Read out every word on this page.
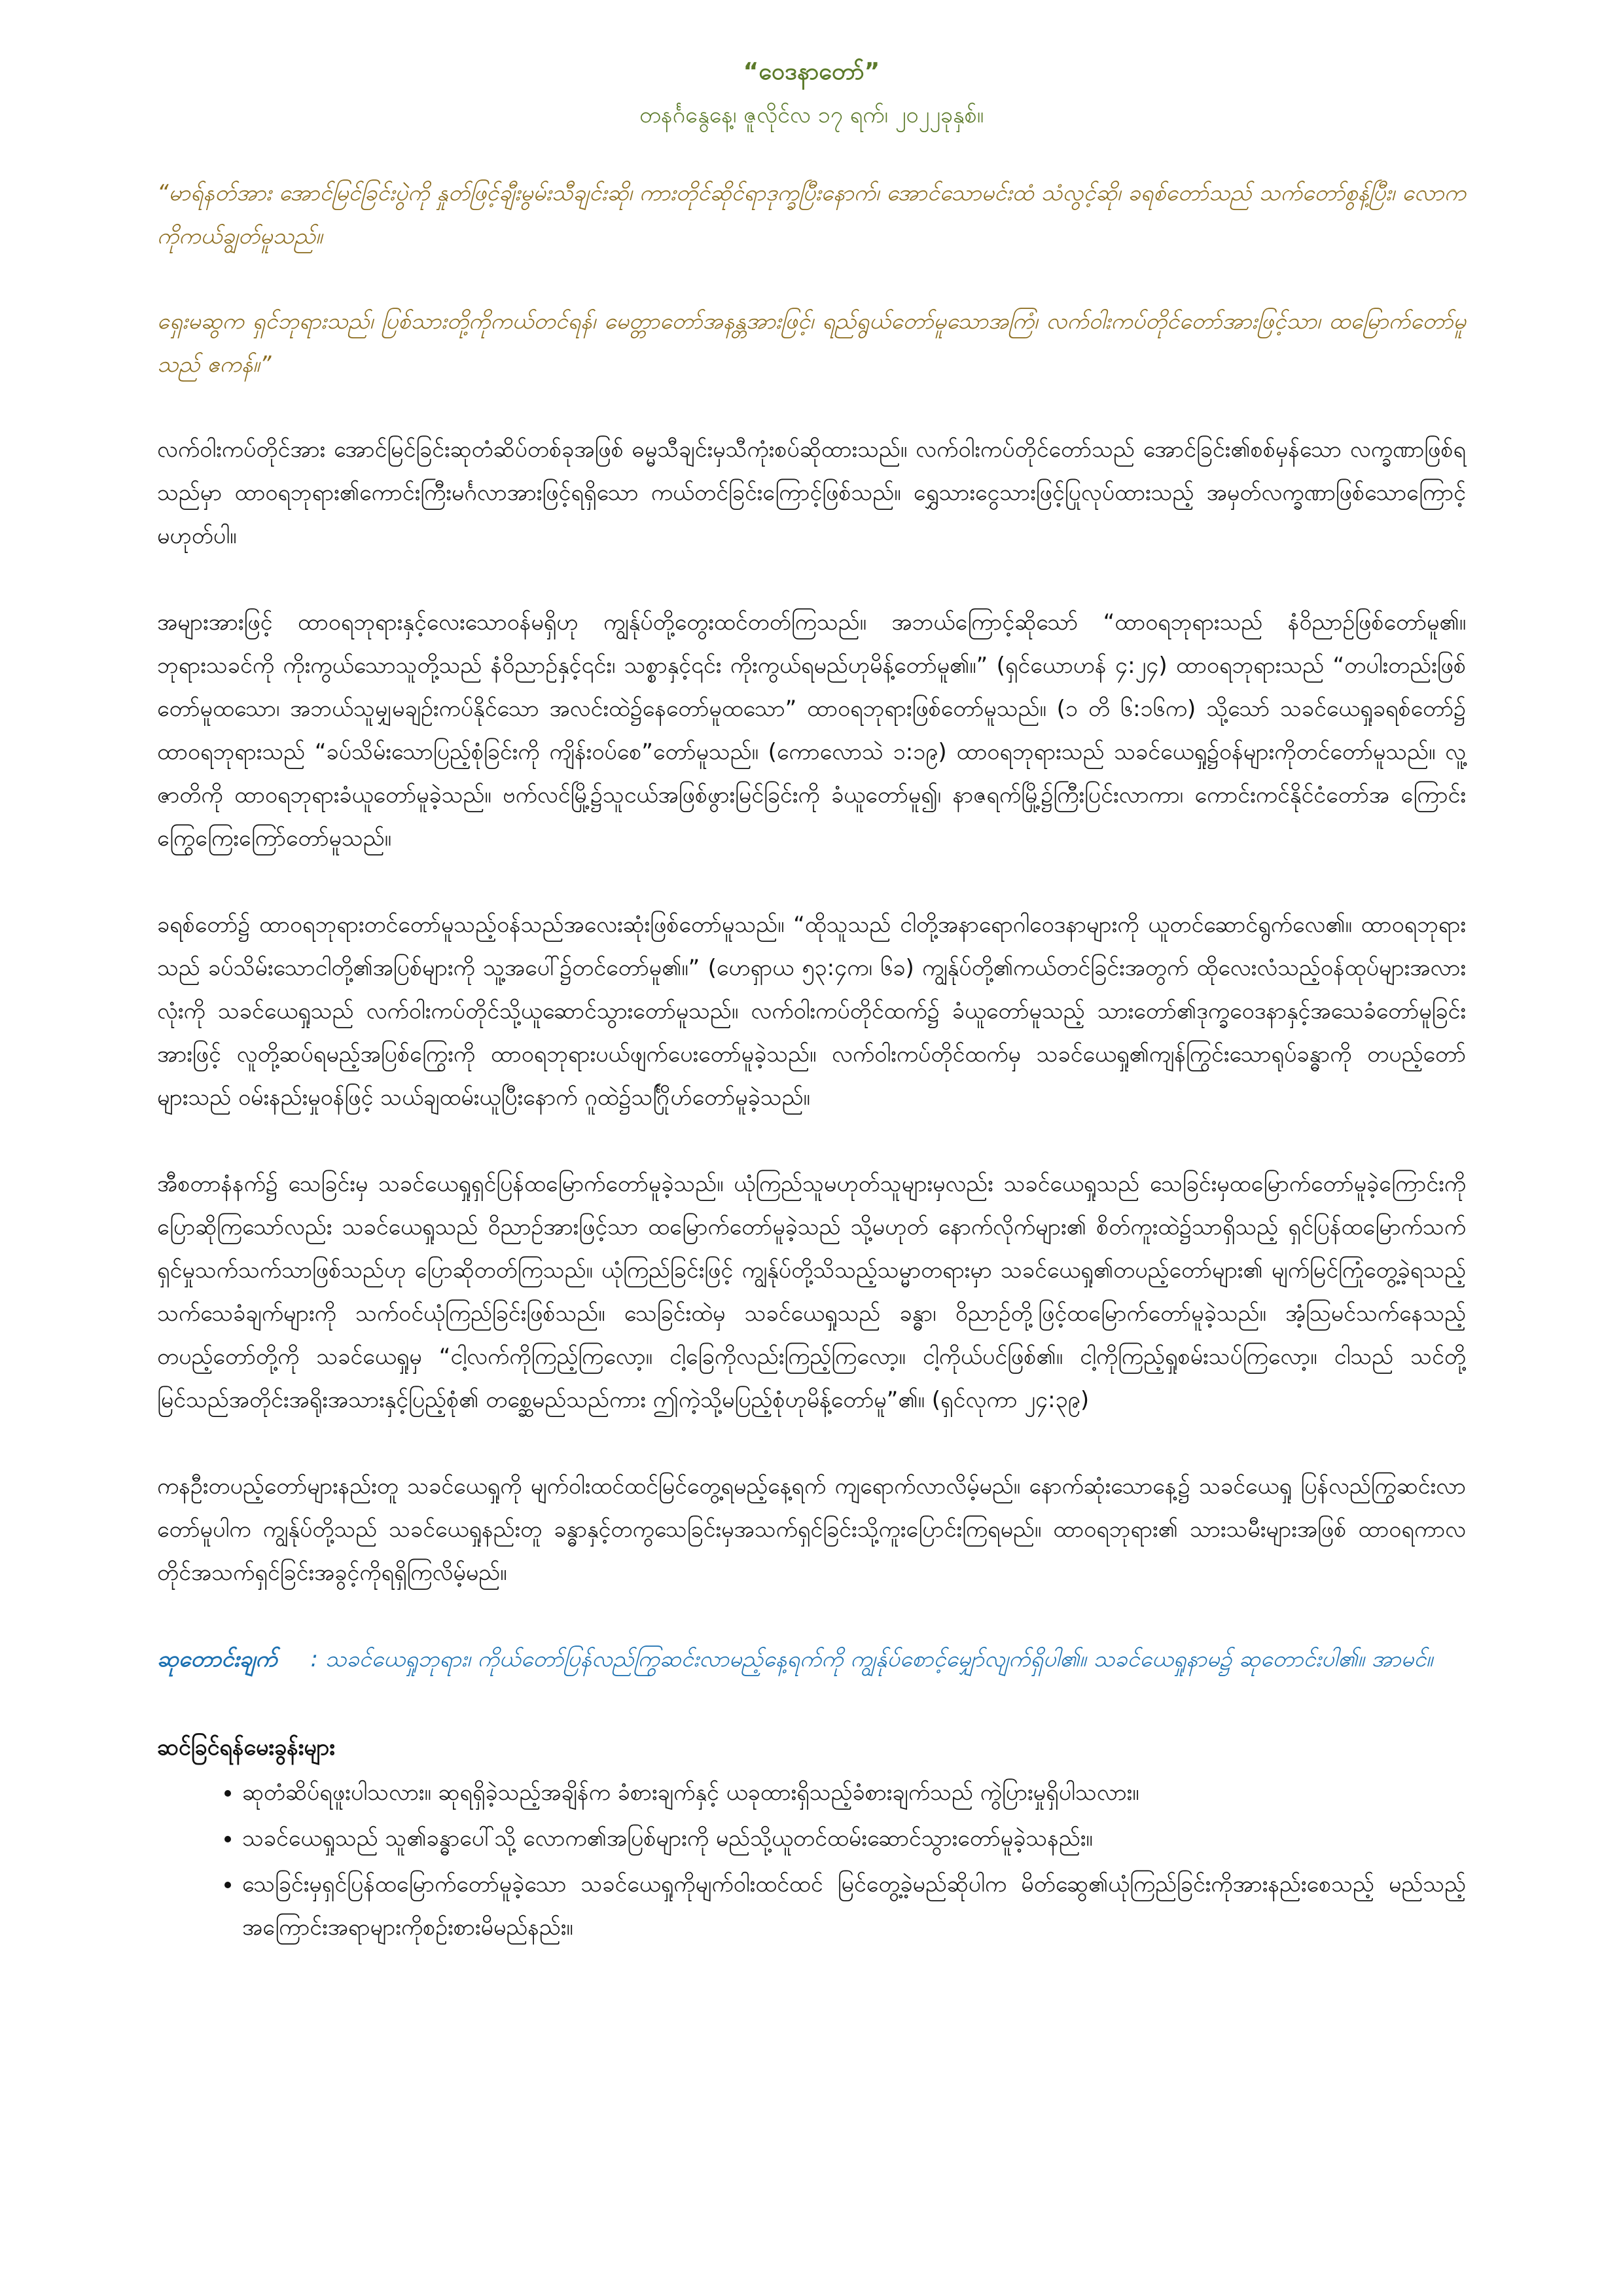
“ဝေဒနာတော်”
တနင်္ဂနွေနေ့၊ ဇူလိုင်လ ၁၇ ရက်၊ ၂၀၂၂ခုနှစ်။

“မာရ်နတ်အား အောင်မြင်ခြင်းပွဲကို နှုတ်ဖြင့်ချီးမွမ်းသီချင်းဆို၊ ကားတိုင်ဆိုင်ရာဒုက္ခပြီးနောက်၊ အောင်သောမင်းထံ သံလွင့်ဆို၊ ခရစ်တော်သည် သက်တော်စွန့်ပြီး၊ လောကကိုကယ်ချွတ်မူသည်။

ရှေးမဆွက ရှင်ဘုရားသည်၊ ပြစ်သားတို့ကိုကယ်တင်ရန်၊ မေတ္တာတော်အနန္တအားဖြင့်၊ ရည်ရွယ်တော်မူသောအကြံ၊ လက်ဝါးကပ်တိုင်တော်အားဖြင့်သာ၊ ထမြောက်တော်မူသည် ဧကန်။”

လက်ဝါးကပ်တိုင်အား အောင်မြင်ခြင်းဆုတံဆိပ်တစ်ခုအဖြစ် ဓမ္မသီချင်းမှသီကုံးစပ်ဆိုထားသည်။ လက်ဝါးကပ်တိုင်တော်သည် အောင်ခြင်း၏စစ်မှန်သော လက္ခဏာဖြစ်ရသည်မှာ ထာဝရဘုရား၏ကောင်းကြီးမင်္ဂလာအားဖြင့်ရရှိသော ကယ်တင်ခြင်းကြောင့်ဖြစ်သည်။ ရွှေသားငွေသားဖြင့်ပြုလုပ်ထားသည့် အမှတ်လက္ခဏာဖြစ်သောကြောင့်မဟုတ်ပါ။

အများအားဖြင့် ထာဝရဘုရားနှင့်လေးသောဝန်မရှိဟု ကျွန်ုပ်တို့တွေးထင်တတ်ကြသည်။ အဘယ်ကြောင့်ဆိုသော် “ထာဝရဘုရားသည် နံဝိညာဉ်ဖြစ်တော်မူ၏။ ဘုရားသခင်ကို ကိုးကွယ်သောသူတို့သည် နံဝိညာဉ်နှင့်၎င်း၊ သစ္စာနှင့်၎င်း ကိုးကွယ်ရမည်ဟုမိန့်တော်မူ၏။” (ရှင်ယောဟန် ၄:၂၄) ထာဝရဘုရားသည် “တပါးတည်းဖြစ်တော်မူထသော၊ အဘယ်သူမျှမချဉ်းကပ်နိုင်သော အလင်းထဲ၌နေတော်မူထသော” ထာဝရဘုရားဖြစ်တော်မူသည်။ (၁ တိ ၆:၁၆က) သို့သော် သခင်ယေရှုခရစ်တော်၌ ထာဝရဘုရားသည် “ခပ်သိမ်းသောပြည့်စုံခြင်းကို ကျိန်းဝပ်စေ”တော်မူသည်။ (ကောလောသဲ ၁:၁၉) ထာဝရဘုရားသည် သခင်ယေရှု၌ဝန်များကိုတင်တော်မူသည်။ လူ့ဇာတိကို ထာဝရဘုရားခံယူတော်မူခဲ့သည်။ ဗက်လင်မြို့၌သူငယ်အဖြစ်ဖွားမြင်ခြင်းကို ခံယူတော်မူ၍၊ နာဇရက်မြို့၌ကြီးပြင်းလာကာ၊ ကောင်းကင်နိုင်ငံတော်အ ကြောင်းကြွေကြေးကြော်တော်မူသည်။

ခရစ်တော်၌ ထာဝရဘုရားတင်တော်မူသည့်ဝန်သည်အလေးဆုံးဖြစ်တော်မူသည်။ “ထိုသူသည် ငါတို့အနာရောဂါဝေဒနာများကို ယူတင်ဆောင်ရွက်လေ၏။ ထာဝရဘုရားသည် ခပ်သိမ်းသောငါတို့၏အပြစ်များကို သူ့အပေါ်၌တင်တော်မူ၏။” (ဟေရှာယ ၅၃:၄က၊ ၆ခ) ကျွန်ုပ်တို့၏ကယ်တင်ခြင်းအတွက် ထိုလေးလံသည့်ဝန်ထုပ်များအလားလုံးကို သခင်ယေရှုသည် လက်ဝါးကပ်တိုင်သို့ယူဆောင်သွားတော်မူသည်။ လက်ဝါးကပ်တိုင်ထက်၌ ခံယူတော်မူသည့် သားတော်၏ဒုက္ခဝေဒနာနှင့်အသေခံတော်မူခြင်းအားဖြင့် လူတို့ဆပ်ရမည့်အပြစ်ကြွေးကို ထာဝရဘုရားပယ်ဖျက်ပေးတော်မူခဲ့သည်။ လက်ဝါးကပ်တိုင်ထက်မှ သခင်ယေရှု၏ကျန်ကြွင်းသောရုပ်ခန္ဓာကို တပည့်တော်များသည် ဝမ်းနည်းမှုဝန်ဖြင့် သယ်ချထမ်းယူပြီးနောက် ဂူထဲ၌သင်္ဂြိုဟ်တော်မူခဲ့သည်။

အီစတာနံနက်၌ သေခြင်းမှ သခင်ယေရှုရှင်ပြန်ထမြောက်တော်မူခဲ့သည်။ ယုံကြည်သူမဟုတ်သူများမှလည်း သခင်ယေရှုသည် သေခြင်းမှထမြောက်တော်မူခဲ့ကြောင်းကိုပြောဆိုကြသော်လည်း သခင်ယေရှုသည် ဝိညာဉ်အားဖြင့်သာ ထမြောက်တော်မူခဲ့သည် သို့မဟုတ် နောက်လိုက်များ၏ စိတ်ကူးထဲ၌သာရှိသည့် ရှင်ပြန်ထမြောက်သက်ရှင်မှုသက်သက်သာဖြစ်သည်ဟု ပြောဆိုတတ်ကြသည်။ ယုံကြည်ခြင်းဖြင့် ကျွန်ုပ်တို့သိသည့်သမ္မာတရားမှာ သခင်ယေရှု၏တပည့်တော်များ၏ မျက်မြင်ကြုံတွေ့ခဲ့ရသည့် သက်သေခံချက်များကို သက်ဝင်ယုံကြည်ခြင်းဖြစ်သည်။ သေခြင်းထဲမှ သခင်ယေရှုသည် ခန္ဓာ၊ ဝိညာဉ်တို့ဖြင့်ထမြောက်တော်မူခဲ့သည်။ အံ့ဩမင်သက်နေသည့်တပည့်တော်တို့ကို သခင်ယေရှုမှ “ငါ့လက်ကိုကြည့်ကြလော့။ ငါ့ခြေကိုလည်းကြည့်ကြလော့။ ငါ့ကိုယ်ပင်ဖြစ်၏။ ငါ့ကိုကြည့်ရှုစမ်းသပ်ကြလော့။ ငါသည် သင်တို့မြင်သည်အတိုင်းအရိုးအသားနှင့်ပြည့်စုံ၏ တစ္ဆေမည်သည်ကား ဤကဲ့သို့မပြည့်စုံဟုမိန့်တော်မူ”၏။ (ရှင်လုကာ ၂၄:၃၉)

ကနဦးတပည့်တော်များနည်းတူ သခင်ယေရှုကို မျက်ဝါးထင်ထင်မြင်တွေ့ရမည့်နေ့ရက် ကျရောက်လာလိမ့်မည်။ နောက်ဆုံးသောနေ့၌ သခင်ယေရှု ပြန်လည်ကြွဆင်းလာတော်မူပါက ကျွန်ုပ်တို့သည် သခင်ယေရှုနည်းတူ ခန္ဓာနှင့်တကွသေခြင်းမှအသက်ရှင်ခြင်းသို့ကူးပြောင်းကြရမည်။ ထာဝရဘုရား၏ သားသမီးများအဖြစ် ထာဝရကာလတိုင်အသက်ရှင်ခြင်းအခွင့်ကိုရရှိကြလိမ့်မည်။

ဆုတောင်းချက် : သခင်ယေရှုဘုရား၊ ကိုယ်တော်ပြန်လည်ကြွဆင်းလာမည့်နေ့ရက်ကို ကျွန်ုပ်စောင့်မျှော်လျက်ရှိပါ၏။ သခင်ယေရှုနာမ၌ ဆုတောင်းပါ၏။ အာမင်။

ဆင်ခြင်ရန်မေးခွန်းများ
• ဆုတံဆိပ်ရဖူးပါသလား။ ဆုရရှိခဲ့သည့်အချိန်က ခံစားချက်နှင့် ယခုထားရှိသည့်ခံစားချက်သည် ကွဲပြားမှုရှိပါသလား။
• သခင်ယေရှုသည် သူ၏ခန္ဓာပေါ်သို့ လောက၏အပြစ်များကို မည်သို့ယူတင်ထမ်းဆောင်သွားတော်မူခဲ့သနည်း။
• သေခြင်းမှရှင်ပြန်ထမြောက်တော်မူခဲ့သော သခင်ယေရှုကိုမျက်ဝါးထင်ထင် မြင်တွေ့ခဲ့မည်ဆိုပါက မိတ်ဆွေ၏ယုံကြည်ခြင်းကိုအားနည်းစေသည့် မည်သည့် အကြောင်းအရာများကိုစဉ်းစားမိမည်နည်း။
